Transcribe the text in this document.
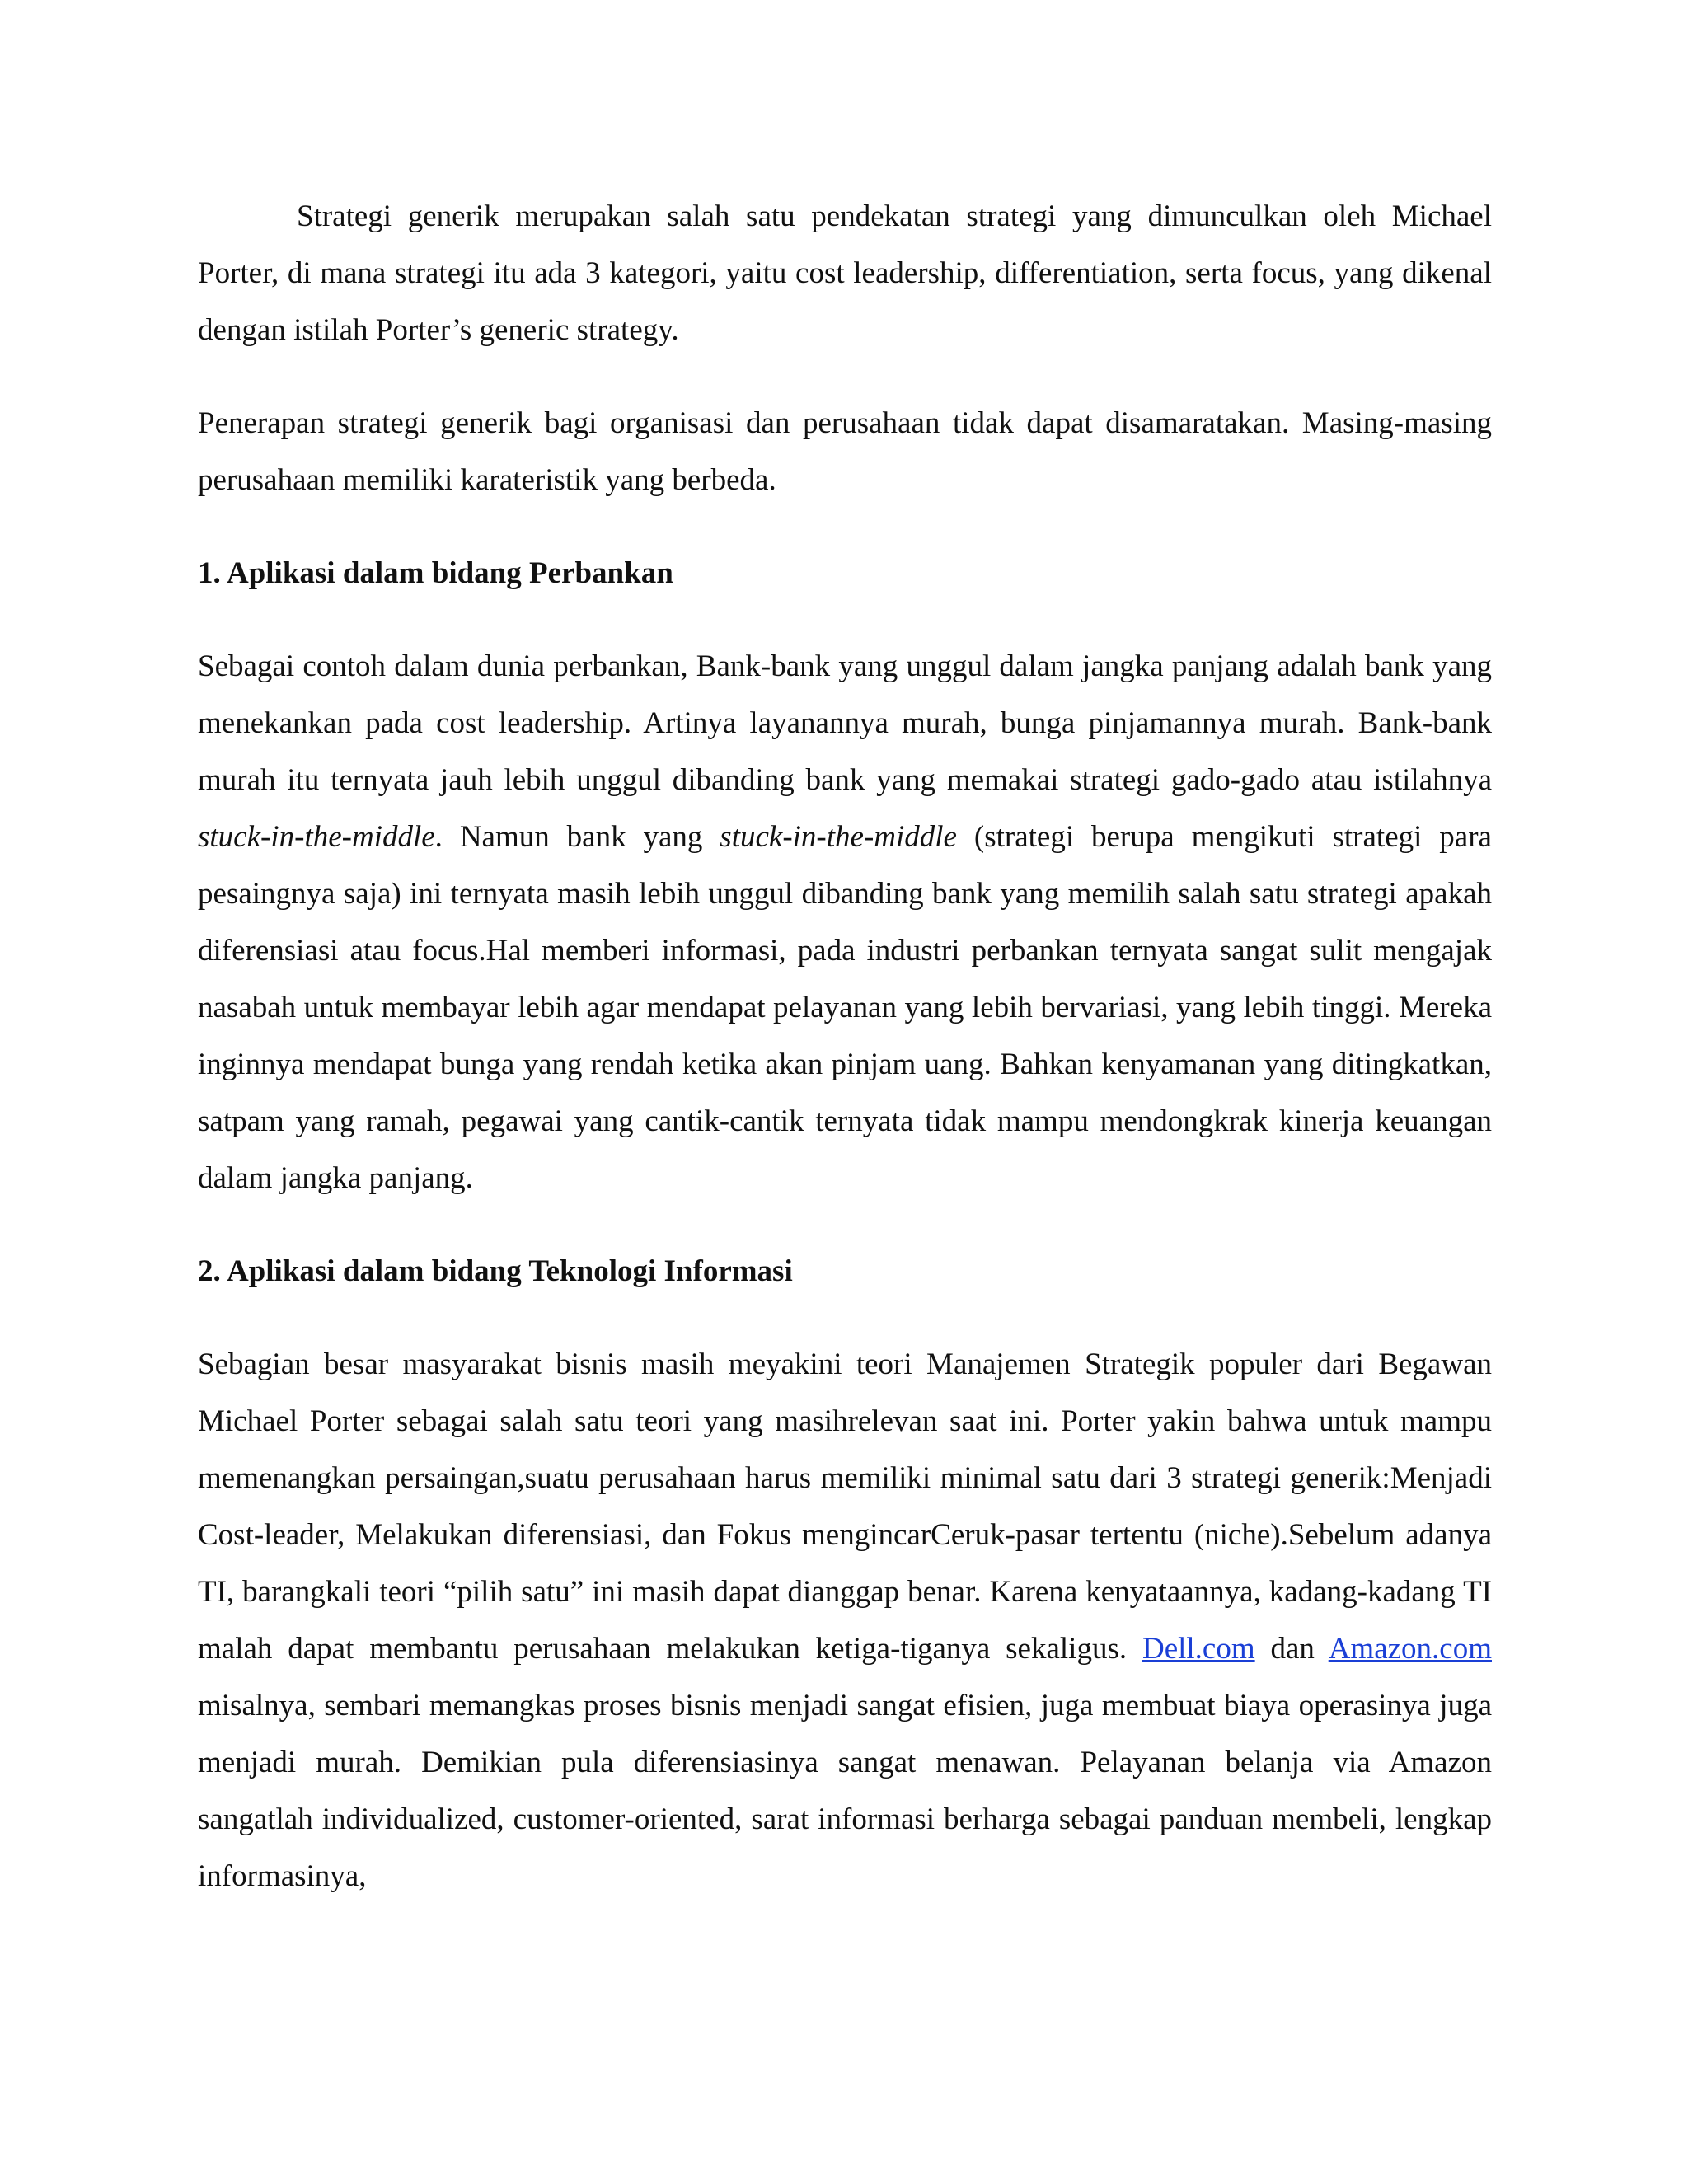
Strategi generik merupakan salah satu pendekatan strategi yang dimunculkan oleh Michael Porter, di mana strategi itu ada 3 kategori, yaitu cost leadership, differentiation, serta focus, yang dikenal dengan istilah Porter’s generic strategy.

Penerapan strategi generik bagi organisasi dan perusahaan tidak dapat disamaratakan. Masing-masing perusahaan memiliki karateristik yang berbeda.

1. Aplikasi dalam bidang Perbankan

Sebagai contoh dalam dunia perbankan, Bank-bank yang unggul dalam jangka panjang adalah bank yang menekankan pada cost leadership. Artinya layanannya murah, bunga pinjamannya murah. Bank-bank murah itu ternyata jauh lebih unggul dibanding bank yang memakai strategi gado-gado atau istilahnya stuck-in-the-middle. Namun bank yang stuck-in-the-middle (strategi berupa mengikuti strategi para pesaingnya saja) ini ternyata masih lebih unggul dibanding bank yang memilih salah satu strategi apakah diferensiasi atau focus.Hal memberi informasi, pada industri perbankan ternyata sangat sulit mengajak nasabah untuk membayar lebih agar mendapat pelayanan yang lebih bervariasi, yang lebih tinggi. Mereka inginnya mendapat bunga yang rendah ketika akan pinjam uang. Bahkan kenyamanan yang ditingkatkan, satpam yang ramah, pegawai yang cantik-cantik ternyata tidak mampu mendongkrak kinerja keuangan dalam jangka panjang.

2. Aplikasi dalam bidang Teknologi Informasi

Sebagian besar masyarakat bisnis masih meyakini teori Manajemen Strategik populer dari Begawan Michael Porter sebagai salah satu teori yang masihrelevan saat ini. Porter yakin bahwa untuk mampu memenangkan persaingan,suatu perusahaan harus memiliki minimal satu dari 3 strategi generik:Menjadi Cost-leader, Melakukan diferensiasi, dan Fokus mengincarCeruk-pasar tertentu (niche).Sebelum adanya TI, barangkali teori “pilih satu” ini masih dapat dianggap benar. Karena kenyataannya, kadang-kadang TI malah dapat membantu perusahaan melakukan ketiga-tiganya sekaligus. Dell.com dan Amazon.com misalnya, sembari memangkas proses bisnis menjadi sangat efisien, juga membuat biaya operasinya juga menjadi murah. Demikian pula diferensiasinya sangat menawan. Pelayanan belanja via Amazon sangatlah individualized, customer-oriented, sarat informasi berharga sebagai panduan membeli, lengkap informasinya,
